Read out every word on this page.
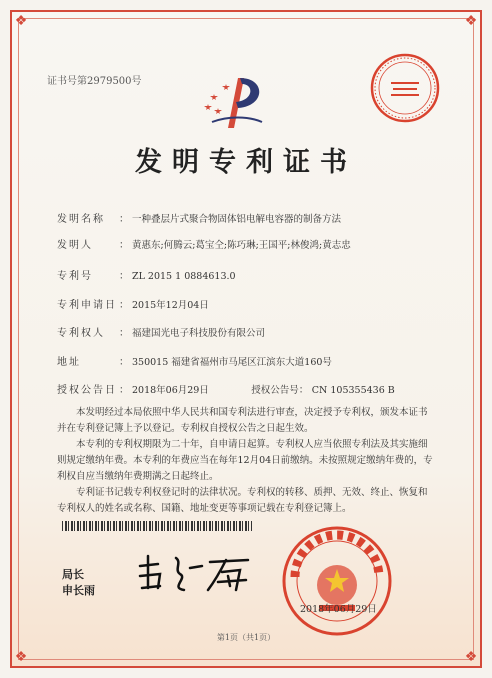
❖	❖
❖	❖
证书号第2979500号
发明专利证书
发明名称 ： 一种叠层片式聚合物固体铝电解电容器的制备方法
发明人	： 黄惠东;何腾云;葛宝仝;陈巧琳;王国平;林俊鸿;黄志忠
专利号	： ZL 2015 1 0884613.0
专利申请日 ： 2015年12月04日
专利权人 ： 福建国光电子科技股份有限公司
地址	： 350015 福建省福州市马尾区江滨东大道160号
授权公告日 ： 2018年06月29日	授权公告号： CN 105355436 B

本发明经过本局依照中华人民共和国专利法进行审查，决定授予专利权，颁发本证书并在专利登记簿上予以登记。专利权自授权公告之日起生效。

本专利的专利权期限为二十年，自申请日起算。专利权人应当依照专利法及其实施细则规定缴纳年费。本专利的年费应当在每年12月04日前缴纳。未按照规定缴纳年费的，专利权自应当缴纳年费期满之日起终止。

专利证书记载专利权登记时的法律状况。专利权的转移、质押、无效、终止、恢复和专利权人的姓名或名称、国籍、地址变更等事项记载在专利登记簿上。

局长
申长雨
2018年06月29日
第1页（共1页）
